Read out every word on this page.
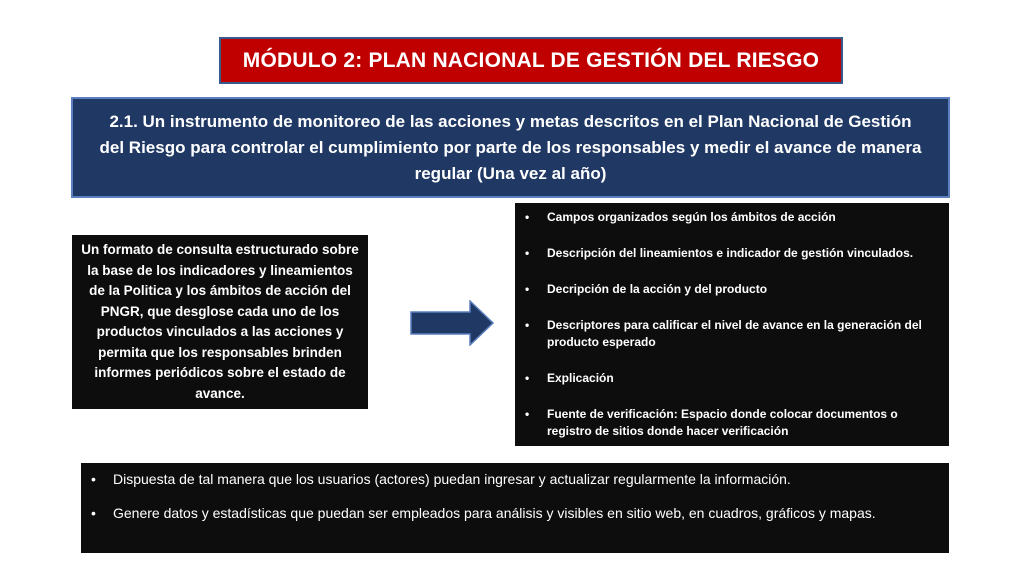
MÓDULO 2: PLAN NACIONAL DE GESTIÓN DEL RIESGO
2.1. Un instrumento de monitoreo de las acciones y metas descritos en el Plan Nacional de Gestión del Riesgo para controlar el cumplimiento por parte de los responsables y medir el avance de manera regular (Una vez al año)
Un formato de consulta estructurado sobre la base de los indicadores y lineamientos de la Politica y los ámbitos de acción del PNGR, que desglose cada uno de los productos vinculados a las acciones y permita que los responsables brinden informes periódicos sobre el estado de avance.
• Campos organizados según los ámbitos de acción
• Descripción del lineamientos e indicador de gestión vinculados.
• Decripción de la acción y del producto
• Descriptores para calificar el nivel de avance en la generación del producto esperado
• Explicación
• Fuente de verificación: Espacio donde colocar documentos o registro de sitios donde hacer verificación
• Dispuesta de tal manera que los usuarios (actores) puedan ingresar y actualizar regularmente la información.
• Genere datos y estadísticas que puedan ser empleados para análisis y visibles en sitio web, en cuadros, gráficos y mapas.
